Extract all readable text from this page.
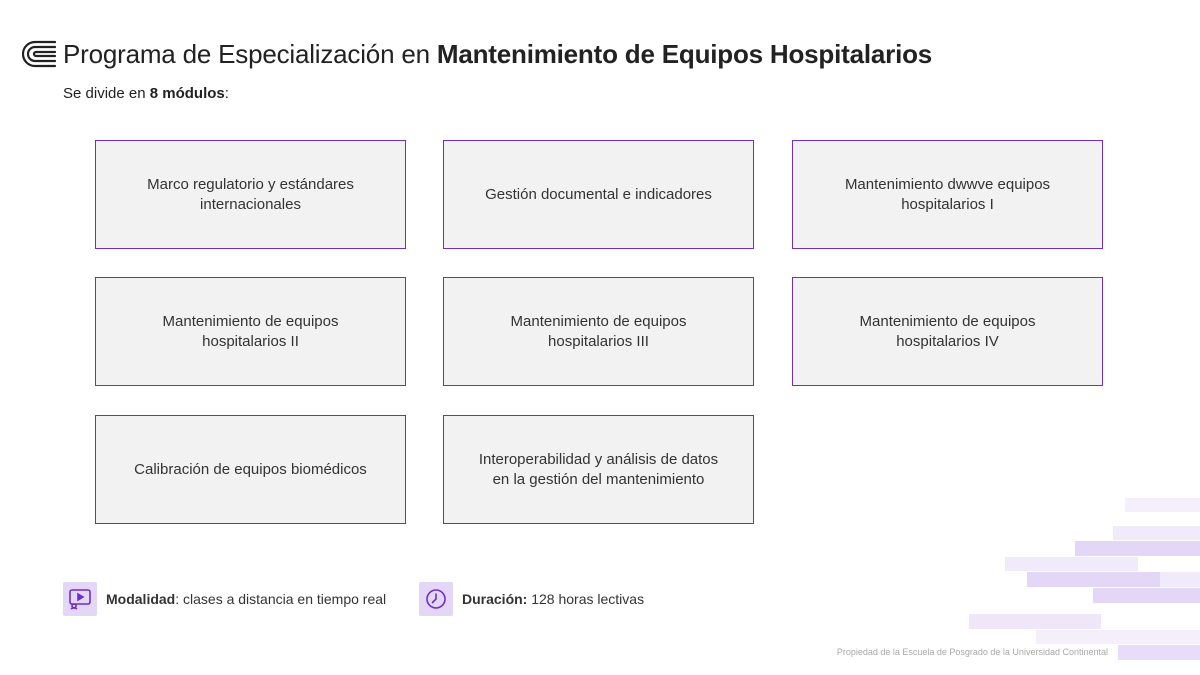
Programa de Especialización en Mantenimiento de Equipos Hospitalarios
Se divide en 8 módulos:
Marco regulatorio y estándares internacionales
Gestión documental e indicadores
Mantenimiento dwwve equipos hospitalarios I
Mantenimiento de equipos hospitalarios II
Mantenimiento de equipos hospitalarios III
Mantenimiento de equipos hospitalarios IV
Calibración de equipos biomédicos
Interoperabilidad y análisis de datos en la gestión del mantenimiento
Modalidad: clases a distancia en tiempo real	Duración: 128 horas lectivas
Propiedad de la Escuela de Posgrado de la Universidad Continental
